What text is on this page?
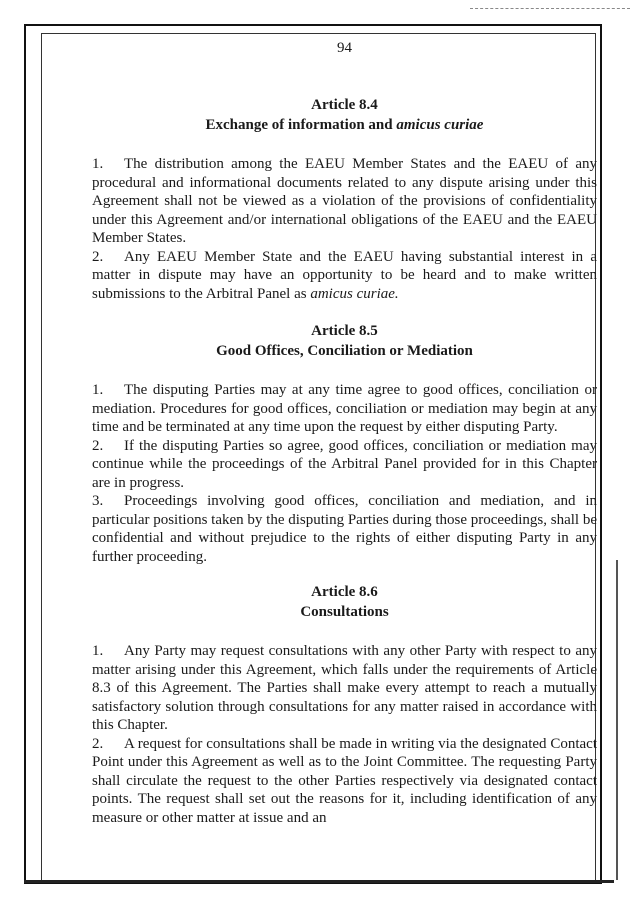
94
Article 8.4
Exchange of information and amicus curiae

1. The distribution among the EAEU Member States and the EAEU of any procedural and informational documents related to any dispute arising under this Agreement shall not be viewed as a violation of the provisions of confidentiality under this Agreement and/or international obligations of the EAEU and the EAEU Member States.

2. Any EAEU Member State and the EAEU having substantial interest in a matter in dispute may have an opportunity to be heard and to make written submissions to the Arbitral Panel as amicus curiae.

Article 8.5
Good Offices, Conciliation or Mediation

1. The disputing Parties may at any time agree to good offices, conciliation or mediation. Procedures for good offices, conciliation or mediation may begin at any time and be terminated at any time upon the request by either disputing Party.

2. If the disputing Parties so agree, good offices, conciliation or mediation may continue while the proceedings of the Arbitral Panel provided for in this Chapter are in progress.

3. Proceedings involving good offices, conciliation and mediation, and in particular positions taken by the disputing Parties during those proceedings, shall be confidential and without prejudice to the rights of either disputing Party in any further proceeding.

Article 8.6
Consultations

1. Any Party may request consultations with any other Party with respect to any matter arising under this Agreement, which falls under the requirements of Article 8.3 of this Agreement. The Parties shall make every attempt to reach a mutually satisfactory solution through consultations for any matter raised in accordance with this Chapter.

2. A request for consultations shall be made in writing via the designated Contact Point under this Agreement as well as to the Joint Committee. The requesting Party shall circulate the request to the other Parties respectively via designated contact points. The request shall set out the reasons for it, including identification of any measure or other matter at issue and an
